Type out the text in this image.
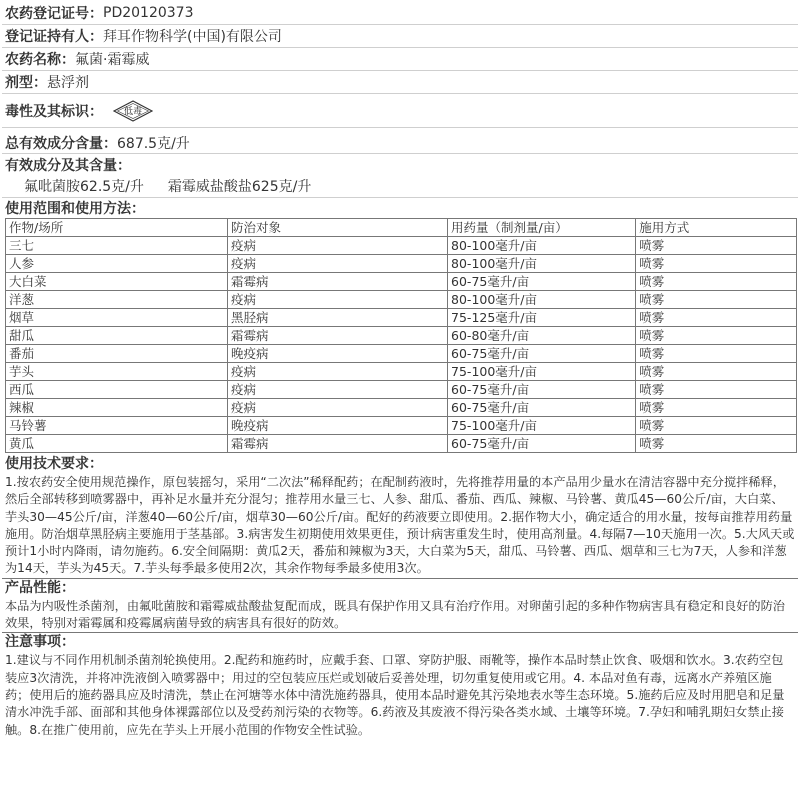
农药登记证号： PD20120373
登记证持有人： 拜耳作物科学(中国)有限公司
农药名称： 氟菌·霜霉威
剂型： 悬浮剂
毒性及其标识： 低毒
总有效成分含量： 687.5克/升
有效成分及其含量：
氟吡菌胺62.5克/升 霜霉威盐酸盐625克/升
使用范围和使用方法：
作物/场所	防治对象	用药量（制剂量/亩）	施用方式
三七	疫病	80-100毫升/亩	喷雾
人参	疫病	80-100毫升/亩	喷雾
大白菜	霜霉病	60-75毫升/亩	喷雾
洋葱	疫病	80-100毫升/亩	喷雾
烟草	黑胫病	75-125毫升/亩	喷雾
甜瓜	霜霉病	60-80毫升/亩	喷雾
番茄	晚疫病	60-75毫升/亩	喷雾
芋头	疫病	75-100毫升/亩	喷雾
西瓜	疫病	60-75毫升/亩	喷雾
辣椒	疫病	60-75毫升/亩	喷雾
马铃薯	晚疫病	75-100毫升/亩	喷雾
黄瓜	霜霉病	60-75毫升/亩	喷雾
使用技术要求：
1.按农药安全使用规范操作，原包装摇匀，采用“二次法”稀释配药；在配制药液时，先将推荐用量的本产品用少量水在清洁容器中充分搅拌稀释，然后全部转移到喷雾器中，再补足水量并充分混匀；推荐用水量三七、人参、甜瓜、番茄、西瓜、辣椒、马铃薯、黄瓜45—60公斤/亩，大白菜、芋头30—45公斤/亩，洋葱40—60公斤/亩，烟草30—60公斤/亩。配好的药液要立即使用。2.据作物大小，确定适合的用水量，按每亩推荐用药量施用。防治烟草黑胫病主要施用于茎基部。3.病害发生初期使用效果更佳，预计病害重发生时，使用高剂量。4.每隔7—10天施用一次。5.大风天或预计1小时内降雨，请勿施药。6.安全间隔期：黄瓜2天，番茄和辣椒为3天，大白菜为5天，甜瓜、马铃薯、西瓜、烟草和三七为7天，人参和洋葱为14天，芋头为45天。7.芋头每季最多使用2次，其余作物每季最多使用3次。
产品性能：
本品为内吸性杀菌剂，由氟吡菌胺和霜霉威盐酸盐复配而成，既具有保护作用又具有治疗作用。对卵菌引起的多种作物病害具有稳定和良好的防治效果，特别对霜霉属和疫霉属病菌导致的病害具有很好的防效。
注意事项：
1.建议与不同作用机制杀菌剂轮换使用。2.配药和施药时，应戴手套、口罩、穿防护服、雨靴等，操作本品时禁止饮食、吸烟和饮水。3.农药空包装应3次清洗，并将冲洗液倒入喷雾器中；用过的空包装应压烂或划破后妥善处理，切勿重复使用或它用。4. 本品对鱼有毒，远离水产养殖区施药；使用后的施药器具应及时清洗，禁止在河塘等水体中清洗施药器具，使用本品时避免其污染地表水等生态环境。5.施药后应及时用肥皂和足量清水冲洗手部、面部和其他身体裸露部位以及受药剂污染的衣物等。6.药液及其废液不得污染各类水域、土壤等环境。7.孕妇和哺乳期妇女禁止接触。8.在推广使用前，应先在芋头上开展小范围的作物安全性试验。
